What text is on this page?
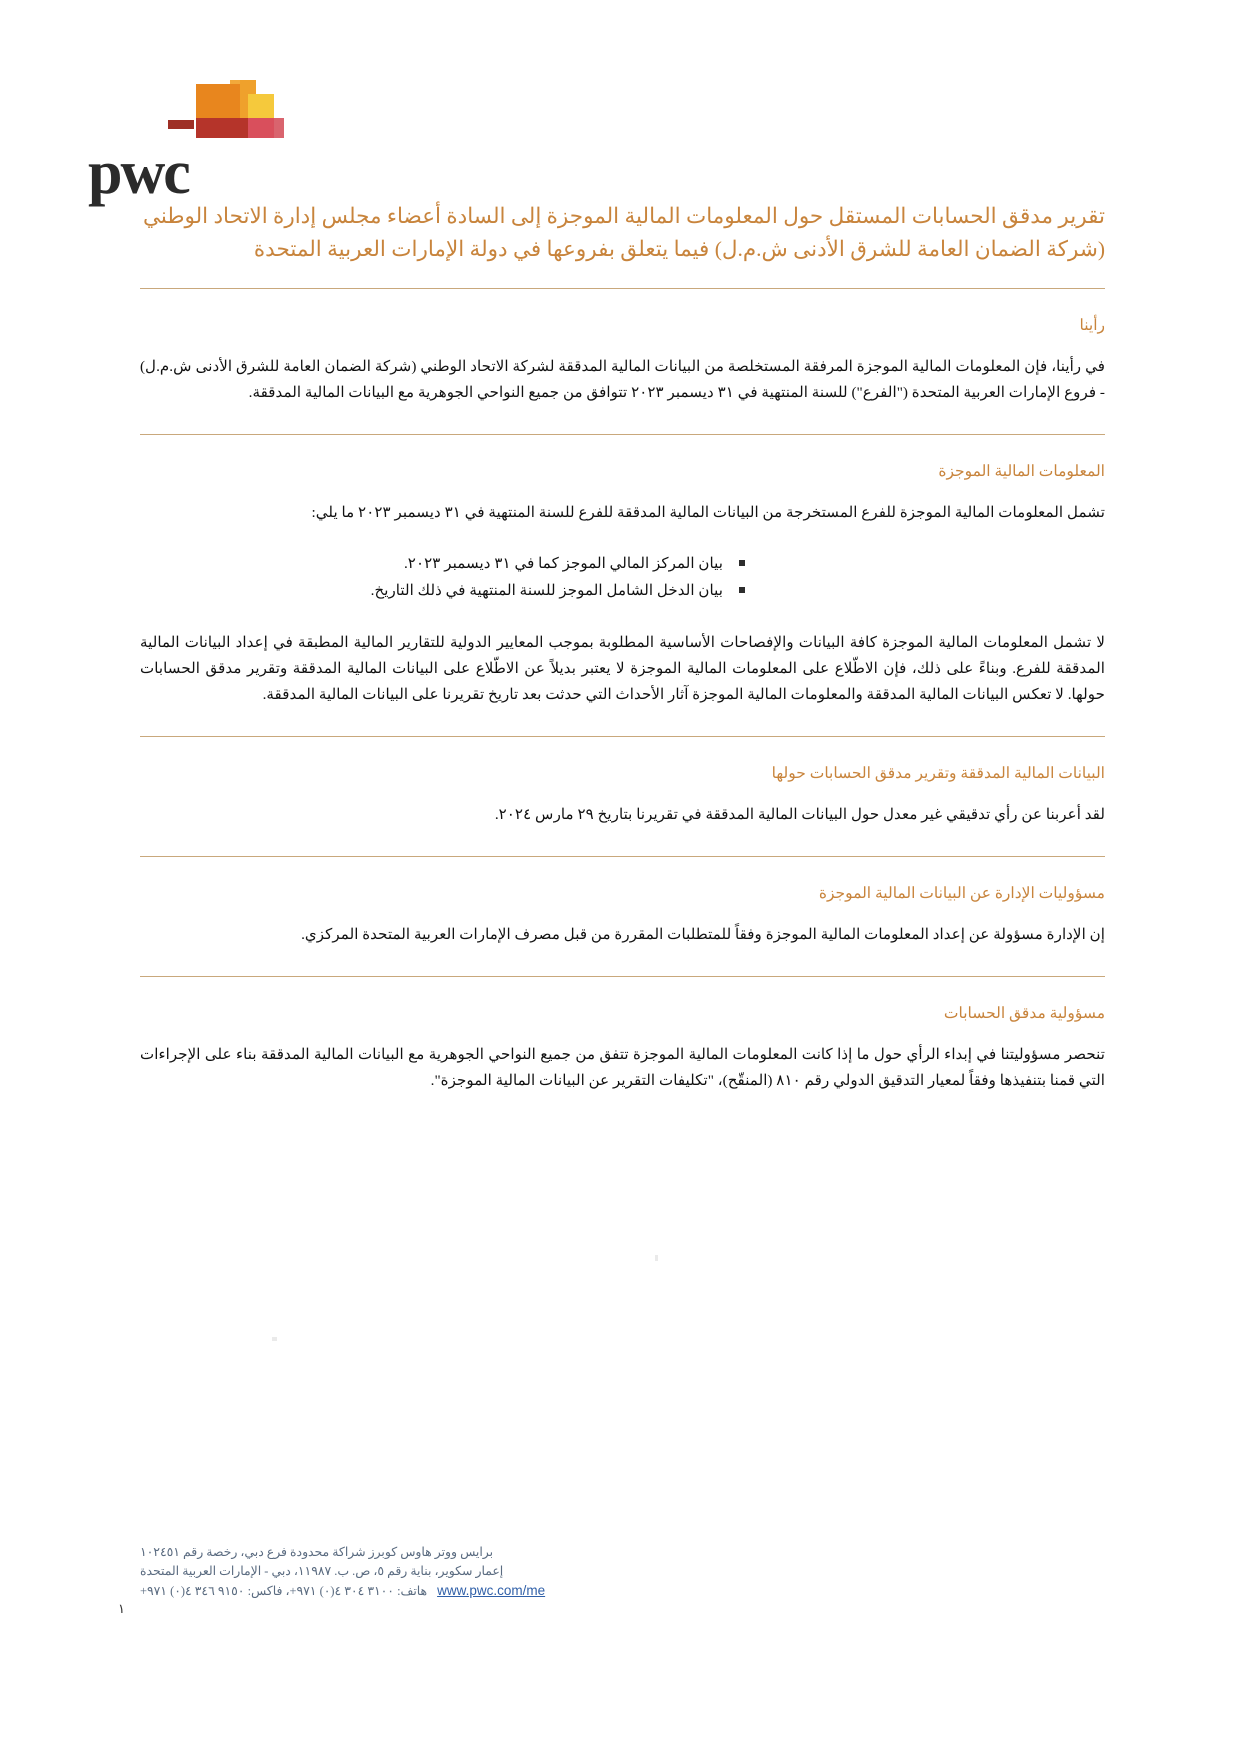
pwc
تقرير مدقق الحسابات المستقل حول المعلومات المالية الموجزة إلى السادة أعضاء مجلس إدارة الاتحاد الوطني (شركة الضمان العامة للشرق الأدنى ش.م.ل) فيما يتعلق بفروعها في دولة الإمارات العربية المتحدة
رأينا

في رأينا، فإن المعلومات المالية الموجزة المرفقة المستخلصة من البيانات المالية المدققة لشركة الاتحاد الوطني (شركة الضمان العامة للشرق الأدنى ش.م.ل) - فروع الإمارات العربية المتحدة ("الفرع") للسنة المنتهية في ٣١ ديسمبر ٢٠٢٣ تتوافق من جميع النواحي الجوهرية مع البيانات المالية المدققة.

المعلومات المالية الموجزة

تشمل المعلومات المالية الموجزة للفرع المستخرجة من البيانات المالية المدققة للفرع للسنة المنتهية في ٣١ ديسمبر ٢٠٢٣ ما يلي:

بيان المركز المالي الموجز كما في ٣١ ديسمبر ٢٠٢٣.
بيان الدخل الشامل الموجز للسنة المنتهية في ذلك التاريخ.

لا تشمل المعلومات المالية الموجزة كافة البيانات والإفصاحات الأساسية المطلوبة بموجب المعايير الدولية للتقارير المالية المطبقة في إعداد البيانات المالية المدققة للفرع. وبناءً على ذلك، فإن الاطّلاع على المعلومات المالية الموجزة لا يعتبر بديلاً عن الاطّلاع على البيانات المالية المدققة وتقرير مدقق الحسابات حولها. لا تعكس البيانات المالية المدققة والمعلومات المالية الموجزة آثار الأحداث التي حدثت بعد تاريخ تقريرنا على البيانات المالية المدققة.

البيانات المالية المدققة وتقرير مدقق الحسابات حولها

لقد أعربنا عن رأي تدقيقي غير معدل حول البيانات المالية المدققة في تقريرنا بتاريخ ٢٩ مارس ٢٠٢٤.

مسؤوليات الإدارة عن البيانات المالية الموجزة

إن الإدارة مسؤولة عن إعداد المعلومات المالية الموجزة وفقاً للمتطلبات المقررة من قبل مصرف الإمارات العربية المتحدة المركزي.

مسؤولية مدقق الحسابات

تنحصر مسؤوليتنا في إبداء الرأي حول ما إذا كانت المعلومات المالية الموجزة تتفق من جميع النواحي الجوهرية مع البيانات المالية المدققة بناء على الإجراءات التي قمنا بتنفيذها وفقاً لمعيار التدقيق الدولي رقم ٨١٠ (المنقّح)، "تكليفات التقرير عن البيانات المالية الموجزة".

برايس ووتر هاوس كوبرز شراكة محدودة فرع دبي، رخصة رقم ١٠٢٤٥١
إعمار سكوير، بناية رقم ٥، ص. ب. ١١٩٨٧، دبي - الإمارات العربية المتحدة
هاتف: ٣١٠٠ ٣٠٤ ٤(٠) ٩٧١+، فاكس: ٩١٥٠ ٣٤٦ ٤(٠) ٩٧١+ www.pwc.com/me
١
